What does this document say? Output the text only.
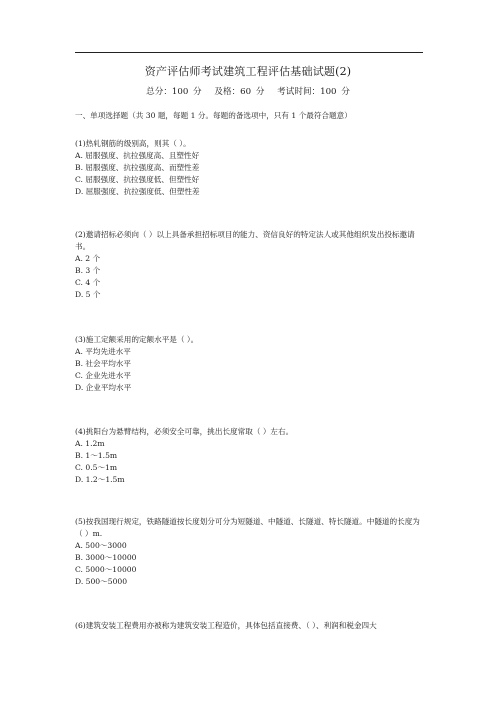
资产评估师考试建筑工程评估基础试题(2)
总分：100 分 及格：60 分 考试时间：100 分
一、单项选择题（共 30 题，每题 1 分。每题的备选项中，只有 1 个最符合题意）
(1)热轧钢筋的级别高，则其（ ）。
A. 屈服强度、抗拉强度高、且塑性好
B. 屈服强度、抗拉强度高、而塑性差
C. 屈服强度、抗拉强度低、但塑性好
D. 屈服强度、抗拉强度低、但塑性差
(2)邀请招标必须向（ ）以上具备承担招标项目的能力、资信良好的特定法人或其他组织发出投标邀请书。
A. 2 个
B. 3 个
C. 4 个
D. 5 个
(3)施工定额采用的定额水平是（ ）。
A. 平均先进水平
B. 社会平均水平
C. 企业先进水平
D. 企业平均水平
(4)挑阳台为悬臂结构，必须安全可靠，挑出长度常取（ ）左右。
A. 1.2m
B. 1～1.5m
C. 0.5～1m
D. 1.2～1.5m
(5)按我国现行规定，铁路隧道按长度划分可分为短隧道、中隧道、长隧道、特长隧道。中隧道的长度为（ ）m.
A. 500～3000
B. 3000～10000
C. 5000～10000
D. 500～5000
(6)建筑安装工程费用亦被称为建筑安装工程造价，具体包括直接费、（ ）、利润和税金四大
